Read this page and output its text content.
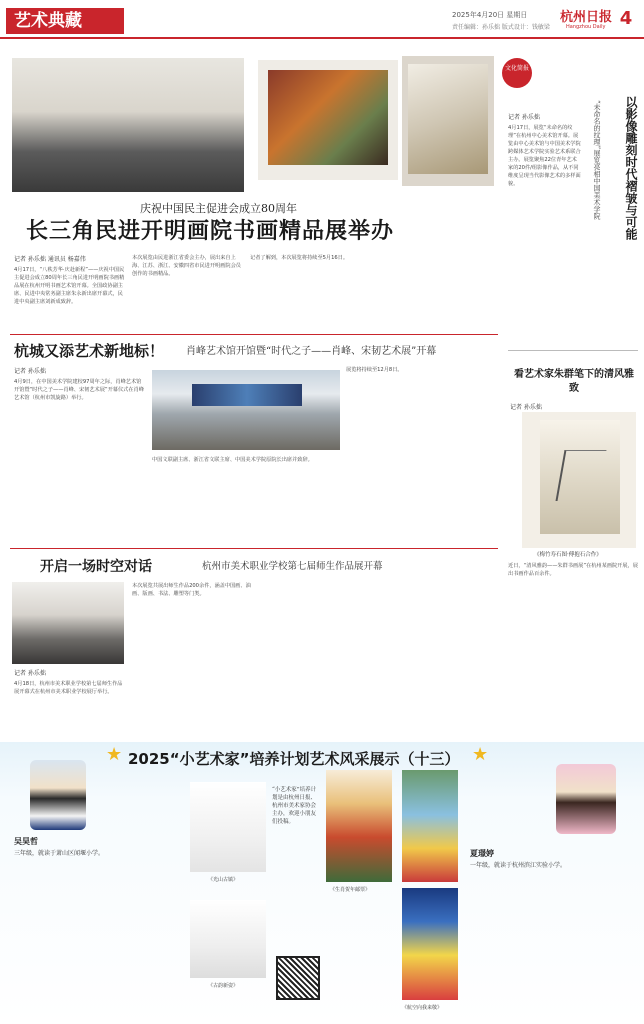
艺术典藏	2025年4月20日 星期日
责任编辑：孙乐拙 版式设计：钱敏梁
杭州日报
Hangzhou Daily 4
庆祝中国民主促进会成立80周年
长三角民进开明画院书画精品展举办
记者 孙乐拙 通讯员 杨嘉伟
4月17日，“八秩芳华·庆赴新程”——庆祝中国民主促进会成立80周年长三角民进开明画院书画精品展在杭州开明书画艺术馆开幕。全国政协副主席、民进中央常务副主席朱永新出席开幕式，民进中央副主席刘新成致辞。
本次展览由民进浙江省委会主办，展出来自上海、江苏、浙江、安徽四省市民进开明画院会员创作的书画精品。
记者了解到，本次展览将持续至5月16日。
文化简报
以影像雕刻时代褶皱与可能
“未命名的纹理”展览亮相中国美术学院
记者 孙乐拙
4月17日，展览“未命名的纹理”在杭州中心美术馆开幕。展览由中心美术馆与中国美术学院跨媒体艺术学院实验艺术系联合主办。展览聚焦22位青年艺术家的20件/组影像作品，从不同维度呈现当代影像艺术的多样面貌。
杭城又添艺术新地标！ 肖峰艺术馆开馆暨“时代之子——肖峰、宋韧艺术展”开幕
记者 孙乐拙
4月9日，在中国美术学院建校97周年之际，肖峰艺术馆开馆暨“时代之子——肖峰、宋韧艺术展”开幕仪式在肖峰艺术馆（杭州市凯旋路）举行。
中国文联副主席、浙江省文联主席、中国美术学院原院长出席并致辞。
展览将持续至12月8日。	看艺术家朱群笔下的清风雅致
记者 孙乐拙
《梅竹寿石图·傅抱石合作》
近日，“清风雅韵——朱群书画展”在杭州某画院开展，展出书画作品百余件。
开启一场时空对话	杭州市美术职业学校第七届师生作品展开幕
记者 孙乐拙
4月18日，杭州市美术职业学校第七届师生作品展开幕式在杭州市美术职业学校展厅举行。
本次展览共展出师生作品200余件，涵盖中国画、油画、版画、书法、雕塑等门类。
★ 2025“小艺术家”培养计划艺术风采展示（十三） ★
吴昊哲
三年级，就读于萧山区闻堰小学。
《光山古镇》
《古韵新姿》
“小艺术家”培养计划是由杭州日报、杭州市美术家协会主办，欢迎小朋友们投稿。
《生肖贺年邮票》
《航空向我来敬》
夏璟婷
一年级，就读于杭州滨江实验小学。
